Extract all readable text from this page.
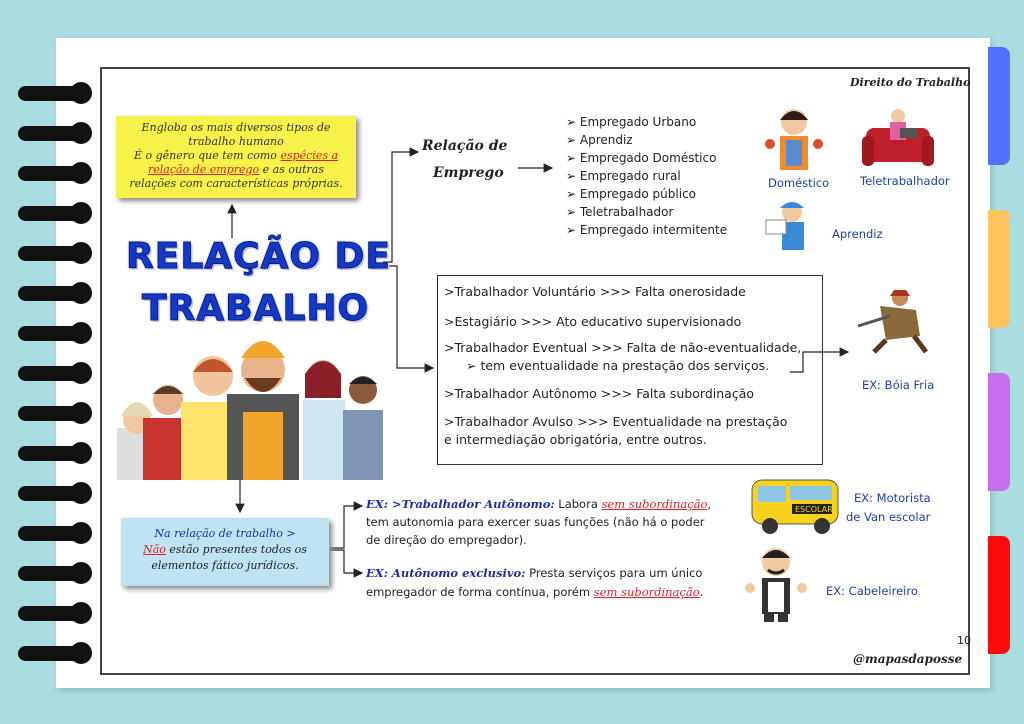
Direito do Trabalho
Engloba os mais diversos tipos de
trabalho humano
É o gênero que tem como espécies a
relação de emprego e as outras
relações com características próprias.
RELAÇÃO DE
TRABALHO
Relação de
Emprego
➢ Empregado Urbano
➢ Aprendiz
➢ Empregado Doméstico
➢ Empregado rural
➢ Empregado público
➢ Teletrabalhador
➢ Empregado intermitente
Doméstico	Teletrabalhador
Aprendiz
>Trabalhador Voluntário >>> Falta onerosidade
>Estagiário >>> Ato educativo supervisionado
>Trabalhador Eventual >>> Falta de não-eventualidade,
➢ tem eventualidade na prestação dos serviços.
>Trabalhador Autônomo >>> Falta subordinação
>Trabalhador Avulso >>> Eventualidade na prestação
e intermediação obrigatória, entre outros.
EX: Bóia Fria
Na relação de trabalho >
Não estão presentes todos os
elementos fático jurídicos.
EX: >Trabalhador Autônomo: Labora sem subordinação,
tem autonomia para exercer suas funções (não há o poder
de direção do empregador).
EX: Autônomo exclusivo: Presta serviços para um único
empregador de forma contínua, porém sem subordinação.
ESCOLAR
EX: Motorista
de Van escolar
EX: Cabeleireiro
10
@mapasdaposse
